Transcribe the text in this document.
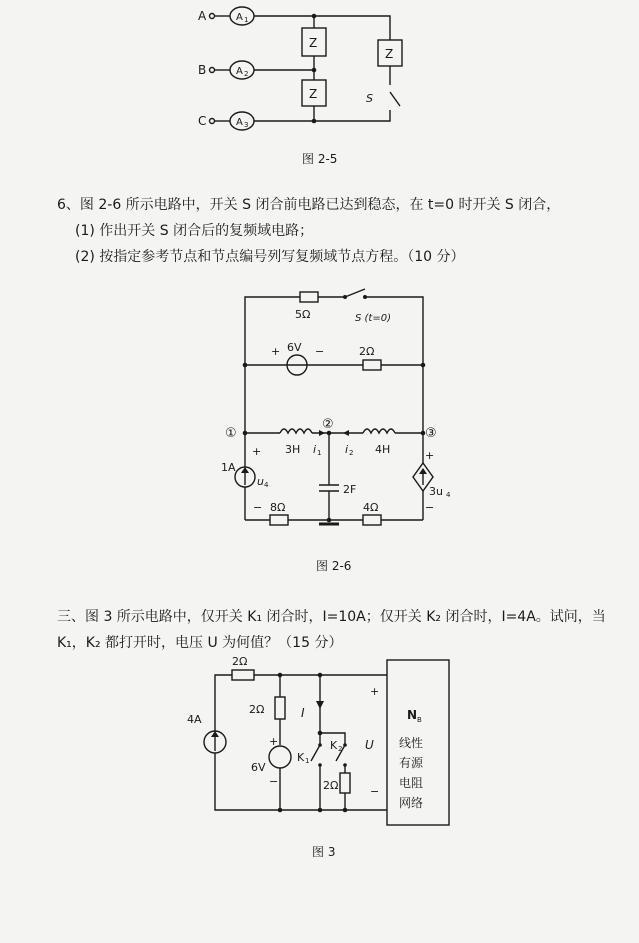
A
B
C
A 1
A 2
A 3
Z
Z
Z
S
图 2-5
6、图 2-6 所示电路中，开关 S 闭合前电路已达到稳态，在 t=0 时开关 S 闭合，
(1) 作出开关 S 闭合后的复频域电路；
(2) 按指定参考节点和节点编号列写复频域节点方程。（10 分）
5Ω	S (t=0)
+ 6V −	2Ω
①
②
③
3H	4H
i 1 i 2
+
1A
u 4
−
2F
+
3u 4
−
8Ω	4Ω
图 2-6
三、图 3 所示电路中，仅开关 K₁ 闭合时，I=10A；仅开关 K₂ 闭合时，I=4A。试问，当
K₁，K₂ 都打开时，电压 U 为何值？（15 分）
2Ω
4A
2Ω	I
U
+
6V
−
K 1
K 2
2Ω
+
−
N B
线性
有源
电阻
网络
图 3
